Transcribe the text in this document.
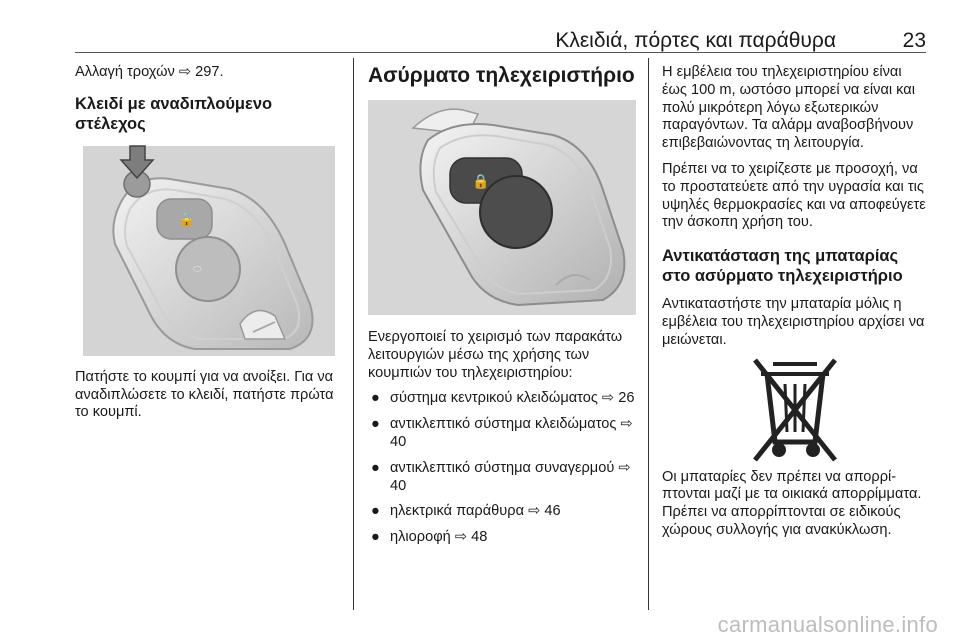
Κλειδιά, πόρτες και παράθυρα	23

Αλλαγή τροχών ⇨ 297.

Κλειδί με αναδιπλούμενο στέλεχος
🔒
⬭

Πατήστε το κουμπί για να ανοίξει. Για να αναδιπλώσετε το κλειδί, πατήστε πρώτα το κουμπί.

Ασύρματο τηλεχειριστήριο
🔒

Ενεργοποιεί το χειρισμό των παρακάτω λειτουργιών μέσω της χρήσης των κουμπιών του τηλεχειριστηρίου:

● σύστημα κεντρικού κλειδώματος ⇨ 26
● αντικλεπτικό σύστημα κλειδώματος ⇨ 40
● αντικλεπτικό σύστημα συναγερμού ⇨ 40
● ηλεκτρικά παράθυρα ⇨ 46
● ηλιοροφή ⇨ 48

Η εμβέλεια του τηλεχειριστηρίου είναι έως 100 m, ωστόσο μπορεί να είναι και πολύ μικρότερη λόγω εξωτερικών παραγόντων. Τα αλάρμ αναβοσβήνουν επιβεβαιώνοντας τη λειτουργία.

Πρέπει να το χειρίζεστε με προσοχή, να το προστατεύετε από την υγρασία και τις υψηλές θερμοκρασίες και να αποφεύγετε την άσκοπη χρήση του.

Αντικατάσταση της μπαταρίας στο ασύρματο τηλεχειριστήριο

Αντικαταστήστε την μπαταρία μόλις η εμβέλεια του τηλεχειριστηρίου αρχίσει να μειώνεται.

Οι μπαταρίες δεν πρέπει να απορρίπτονται μαζί με τα οικιακά απορρίμματα. Πρέπει να απορρίπτονται σε ειδικούς χώρους συλλογής για ανακύκλωση.

carmanualsonline.info
